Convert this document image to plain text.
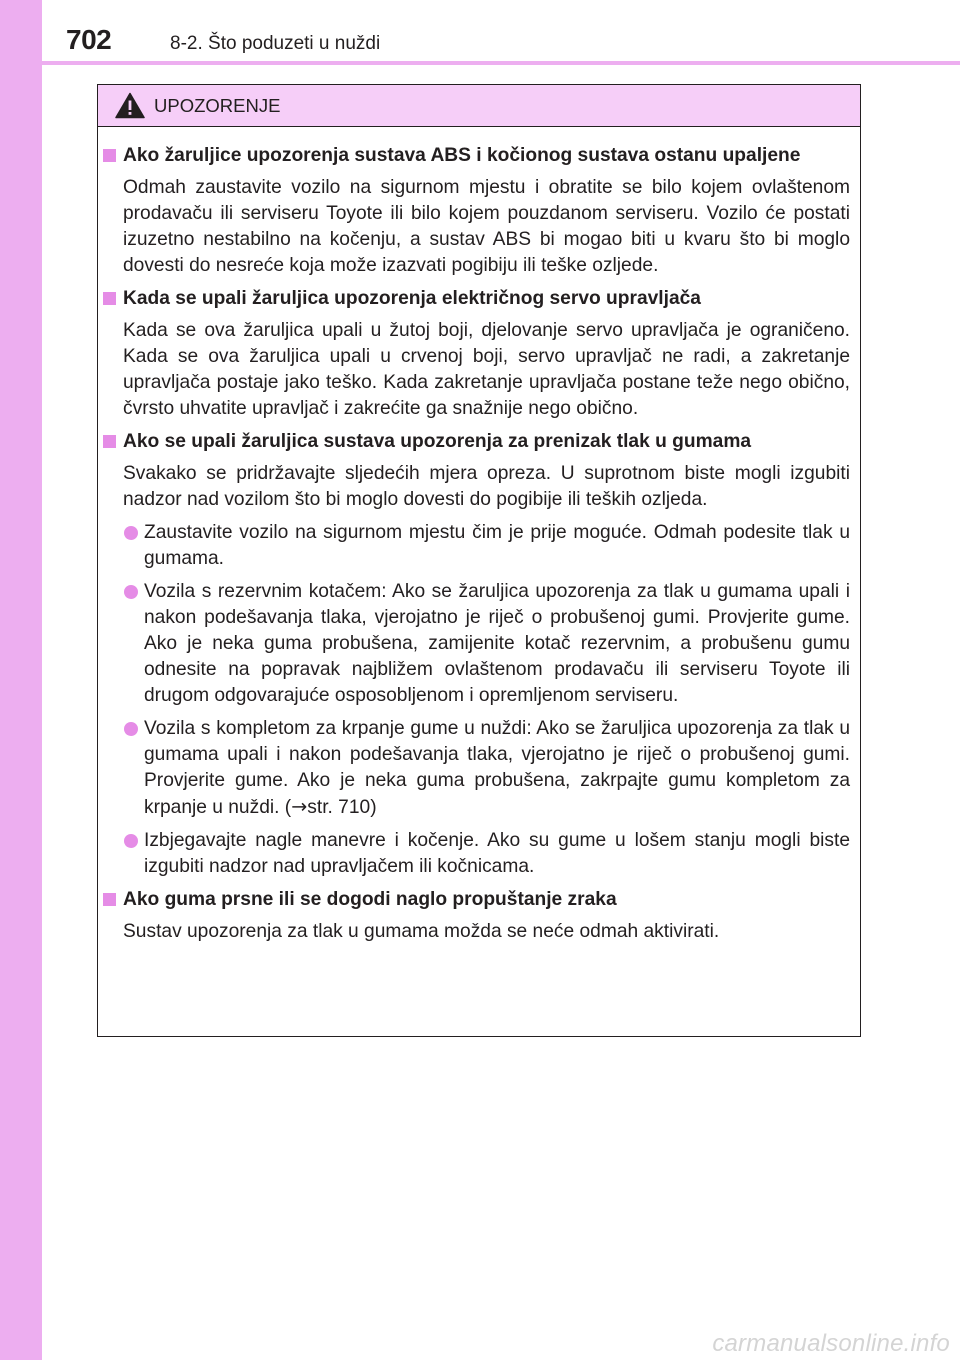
702	8-2. Što poduzeti u nuždi
UPOZORENJE
Ako žaruljice upozorenja sustava ABS i kočionog sustava ostanu upaljene
Odmah zaustavite vozilo na sigurnom mjestu i obratite se bilo kojem ovlaštenom prodavaču ili serviseru Toyote ili bilo kojem pouzdanom serviseru. Vozilo će postati izuzetno nestabilno na kočenju, a sustav ABS bi mogao biti u kvaru što bi moglo dovesti do nesreće koja može izazvati pogibiju ili teške ozljede.
Kada se upali žaruljica upozorenja električnog servo upravljača
Kada se ova žaruljica upali u žutoj boji, djelovanje servo upravljača je ograničeno. Kada se ova žaruljica upali u crvenoj boji, servo upravljač ne radi, a zakretanje upravljača postaje jako teško. Kada zakretanje upravljača postane teže nego obično, čvrsto uhvatite upravljač i zakrećite ga snažnije nego obično.
Ako se upali žaruljica sustava upozorenja za prenizak tlak u gumama
Svakako se pridržavajte sljedećih mjera opreza. U suprotnom biste mogli izgubiti nadzor nad vozilom što bi moglo dovesti do pogibije ili teških ozljeda.
Zaustavite vozilo na sigurnom mjestu čim je prije moguće. Odmah podesite tlak u gumama.
Vozila s rezervnim kotačem: Ako se žaruljica upozorenja za tlak u gumama upali i nakon podešavanja tlaka, vjerojatno je riječ o probušenoj gumi. Provjerite gume. Ako je neka guma probušena, zamijenite kotač rezervnim, a probušenu gumu odnesite na popravak najbližem ovlaštenom prodavaču ili serviseru Toyote ili drugom odgovarajuće osposobljenom i opremljenom serviseru.
Vozila s kompletom za krpanje gume u nuždi: Ako se žaruljica upozorenja za tlak u gumama upali i nakon podešavanja tlaka, vjerojatno je riječ o probušenoj gumi. Provjerite gume. Ako je neka guma probušena, zakrpajte gumu kompletom za krpanje u nuždi. (→str. 710)
Izbjegavajte nagle manevre i kočenje. Ako su gume u lošem stanju mogli biste izgubiti nadzor nad upravljačem ili kočnicama.
Ako guma prsne ili se dogodi naglo propuštanje zraka
Sustav upozorenja za tlak u gumama možda se neće odmah aktivirati.
carmanualsonline.info
